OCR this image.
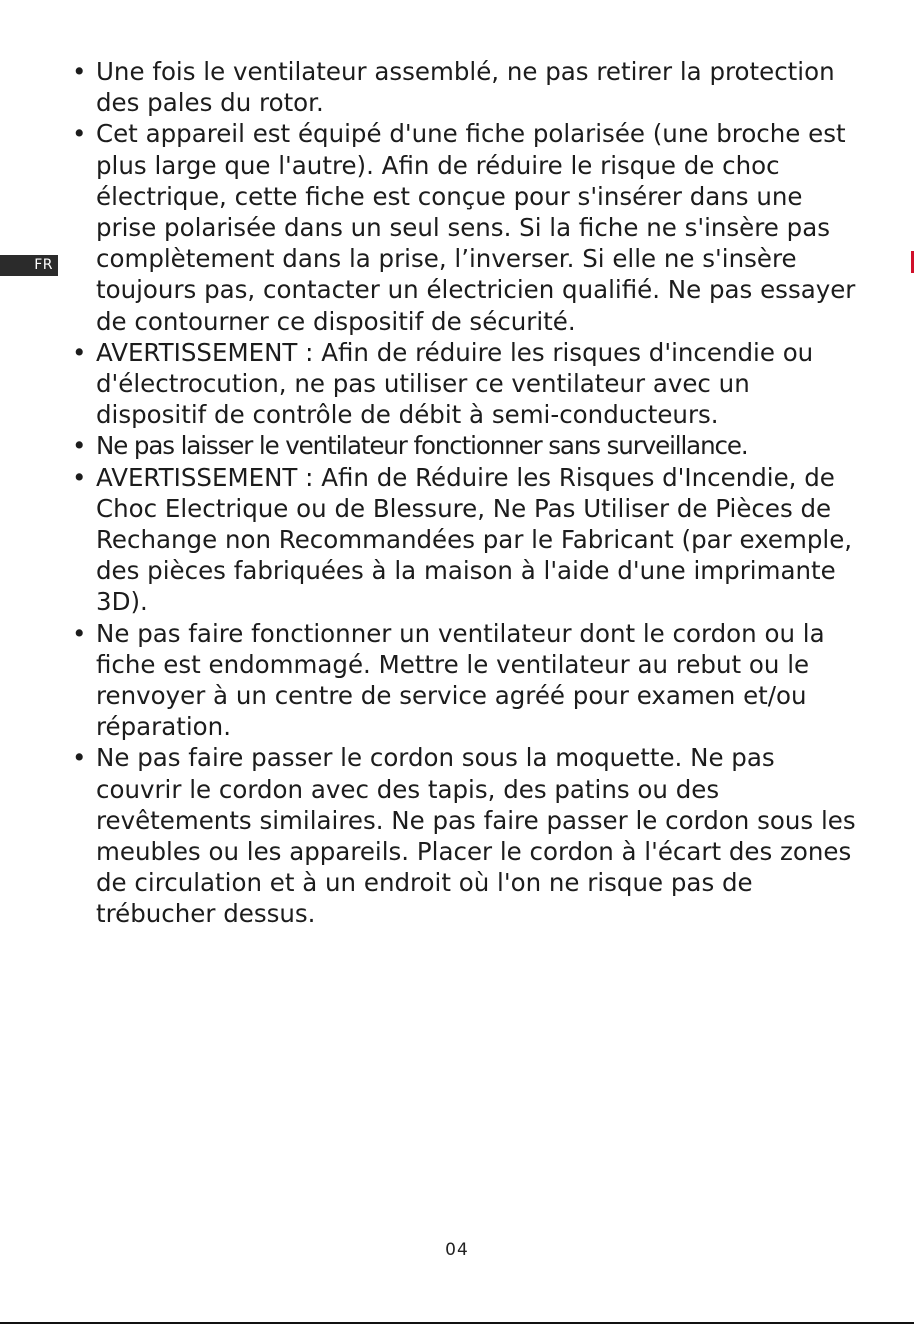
FR
• Une fois le ventilateur assemblé, ne pas retirer la protection des pales du rotor.
• Cet appareil est équipé d'une fiche polarisée (une broche est plus large que l'autre). Afin de réduire le risque de choc électrique, cette fiche est conçue pour s'insérer dans une prise polarisée dans un seul sens. Si la fiche ne s'insère pas complètement dans la prise, l’inverser. Si elle ne s'insère toujours pas, contacter un électricien qualifié. Ne pas essayer de contourner ce dispositif de sécurité.
• AVERTISSEMENT : Afin de réduire les risques d'incendie ou d'électrocution, ne pas utiliser ce ventilateur avec un dispositif de contrôle de débit à semi-conducteurs.
• Ne pas laisser le ventilateur fonctionner sans surveillance.
• AVERTISSEMENT : Afin de Réduire les Risques d'Incendie, de Choc Electrique ou de Blessure, Ne Pas Utiliser de Pièces de Rechange non Recommandées par le Fabricant (par exemple, des pièces fabriquées à la maison à l'aide d'une imprimante 3D).
• Ne pas faire fonctionner un ventilateur dont le cordon ou la fiche est endommagé. Mettre le ventilateur au rebut ou le renvoyer à un centre de service agréé pour examen et/ou réparation.
• Ne pas faire passer le cordon sous la moquette. Ne pas couvrir le cordon avec des tapis, des patins ou des revêtements similaires. Ne pas faire passer le cordon sous les meubles ou les appareils. Placer le cordon à l'écart des zones de circulation et à un endroit où l'on ne risque pas de trébucher dessus.
04
